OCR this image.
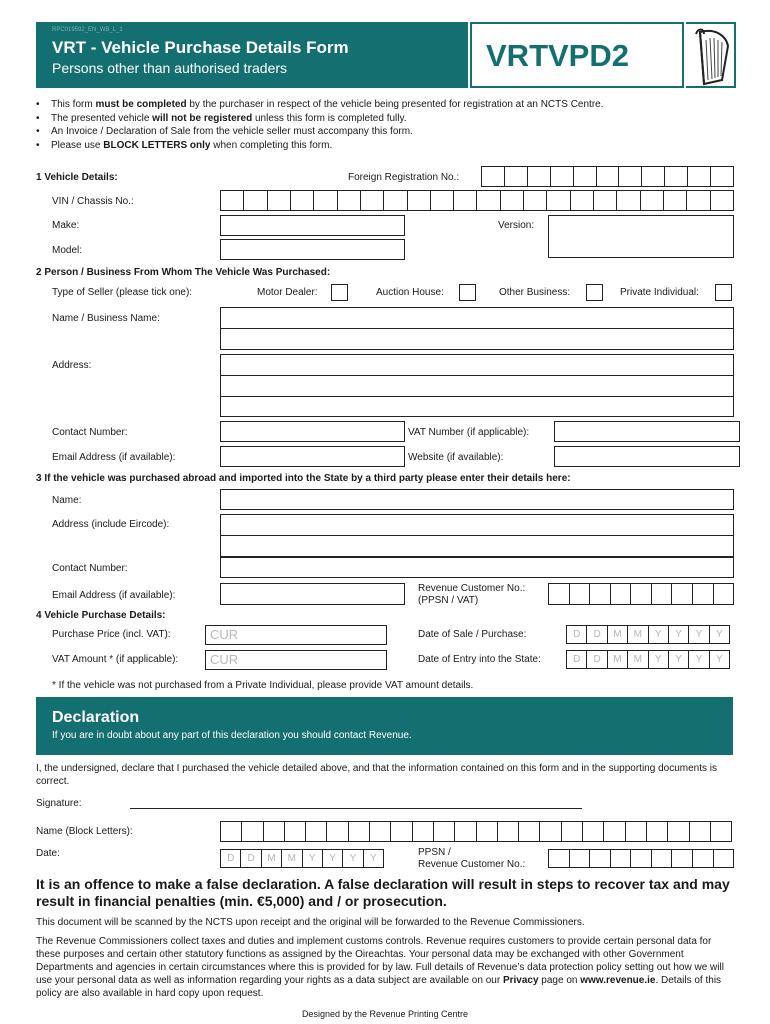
RPC019592_EN_WB_L_1
VRT - Vehicle Purchase Details Form
Persons other than authorised traders	VRTVPD2
• This form must be completed by the purchaser in respect of the vehicle being presented for registration at an NCTS Centre.
• The presented vehicle will not be registered unless this form is completed fully.
• An Invoice / Declaration of Sale from the vehicle seller must accompany this form.
• Please use BLOCK LETTERS only when completing this form.
1 Vehicle Details:	Foreign Registration No.:
VIN / Chassis No.:
Make:	Version:
Model:
2 Person / Business From Whom The Vehicle Was Purchased:
Type of Seller (please tick one):	Motor Dealer:	Auction House:	Other Business:	Private Individual:
Name / Business Name:
Address:
Contact Number:	VAT Number (if applicable):
Email Address (if available):	Website (if available):
3 If the vehicle was purchased abroad and imported into the State by a third party please enter their details here:
Name:
Address (include Eircode):
Contact Number:
Email Address (if available):
Revenue Customer No.:
(PPSN / VAT)
4 Vehicle Purchase Details:
Purchase Price (incl. VAT):	CUR	Date of Sale / Purchase:	D	D	M	M	Y	Y	Y	Y
VAT Amount * (if applicable): CUR	Date of Entry into the State:	D	D	M	M	Y	Y	Y	Y
* If the vehicle was not purchased from a Private Individual, please provide VAT amount details.
Declaration
If you are in doubt about any part of this declaration you should contact Revenue.
I, the undersigned, declare that I purchased the vehicle detailed above, and that the information contained on this form and in the supporting documents is correct.
Signature:
Name (Block Letters):
Date:	D	D	M	M	Y	Y	Y	Y
PPSN /
Revenue Customer No.:
It is an offence to make a false declaration. A false declaration will result in steps to recover tax and may result in financial penalties (min. €5,000) and / or prosecution.
This document will be scanned by the NCTS upon receipt and the original will be forwarded to the Revenue Commissioners.
The Revenue Commissioners collect taxes and duties and implement customs controls. Revenue requires customers to provide certain personal data for these purposes and certain other statutory functions as assigned by the Oireachtas. Your personal data may be exchanged with other Government Departments and agencies in certain circumstances where this is provided for by law. Full details of Revenue’s data protection policy setting out how we will use your personal data as well as information regarding your rights as a data subject are available on our Privacy page on www.revenue.ie. Details of this policy are also available in hard copy upon request.
Designed by the Revenue Printing Centre
